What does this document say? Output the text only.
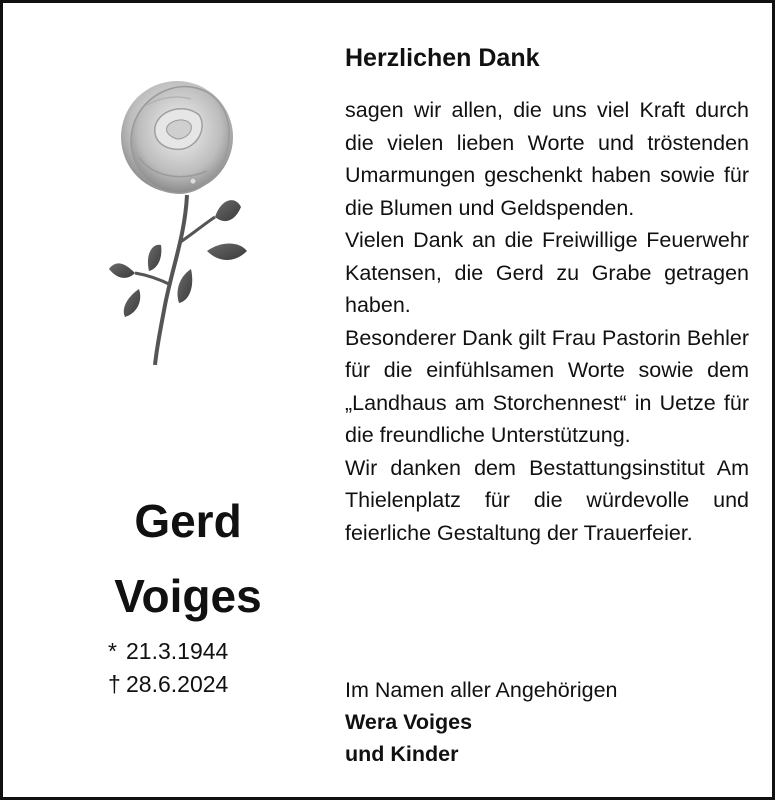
Gerd
Voiges
* 21.3.1944
† 28.6.2024
Herzlichen Dank

sagen wir allen, die uns viel Kraft durch die vielen lieben Worte und tröstenden Umarmungen geschenkt haben sowie für die Blumen und Geldspenden.

Vielen Dank an die Freiwillige Feuerwehr Katensen, die Gerd zu Grabe getragen haben.

Besonderer Dank gilt Frau Pastorin Behler für die einfühlsamen Worte sowie dem „Landhaus am Storchennest“ in Uetze für die freundliche Unterstützung.

Wir danken dem Bestattungsinstitut Am Thielenplatz für die würdevolle und feierliche Gestaltung der Trauerfeier.

Im Namen aller Angehörigen
Wera Voiges
und Kinder
